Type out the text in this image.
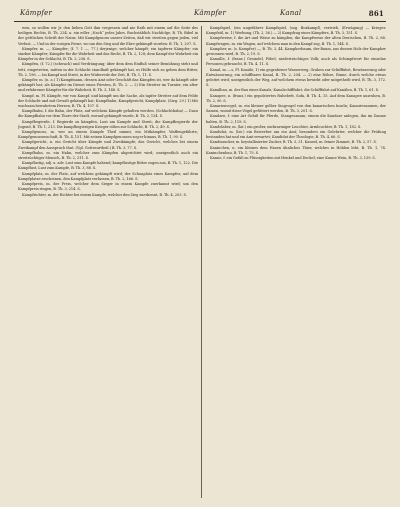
Kämpfer	Kämpfer	Kanal	861

wen, so wollen wir Jr. den lieben Gott ihm vergessen und nie Rath mit einem auf die Seite des heiligen Rechts, B. Th. 234, u. ein edler „Nach“ jedes Jahrs. Buchstäblich Nachfolge, B. Th. Bibel in der göttlichen Schrift der Natur, Mit Kampfgenoss unsrer Zeiten, daß wir streiten gegen jeden, viel Verlust. — Und in der vorigen Ferne, wo um den Sieg und die Ehre gekämpft worden: B. Th. 1, 207. S.

Kämpfer, m. —, Kämpfer; (f. 7. 1 —, 77.) derjenige, welcher kämpft; ein tapferer Kämpfer; ein starker Kämpfer; Kämpfer für die Wahrheit und das Recht, B. Th. 2, 128; dem Kampf der Wahrheit ein Kämpfer in der Schlacht, B. Th. 2, 236. S.

Kämpfen, (f. 72.) (schwach) und Verdrängung; über dem dem Einfluß seiner Bemühung steht und tritt, eingetreten, mitten in der Schlacht standhaft gekämpft hat, es Hülfe sich zu geben dem Ritter, Th. 2, 196. — Im Kampf und Streit, in der Widerrede der Zeit, B. Th. 1, 11. S.

Kämpfer, m. (n. a.) 1) Kampfmann, dessen Amt oder Geschäft das Kämpfen ist, wer da kämpft oder gekämpft hat; als Kämpfer im Dienst eines Fürsten, B. Th. 2. — 2) Ein Streiter im Turnier, ein alter und erfahrener Kämpfer für die Wahrheit, B. Th. 3, 148. S.

Kampf, m. Pl. Kämpfe, wir von Kampf, und kämpft um die Sache, als tapfer Streiter auf dem Felde der Schlacht und mit Gewalt gekämpft hat; Kampfbahn, Kampfgericht, Kampfplatz. (Sieg. 29.) 1) Mit wachsam bewahrtem Herzen, B. Th. 4, 107. S.

Kampfbahn, f. die Bahn, der Platz, auf welchem Kämpfe gehalten werden. (Schlachtbahn) — Dazu die Kampfbahn vor dem Thore der Stadt, worauf gekämpft wurde, B. Th. 2, 134. S.

Kampfbegierde, f. Begierde zu kämpfen, Lust am Kampfe und Streit; die Kampfbegierde der Jugend, B. Th. 1, 213. Die kampfbegierigen Krieger eilten zur Schlacht, B. Th. 2, 49. S.

Kampfgenoss, m. wer an einem Kampfe Theil nimmt, ein Mitkämpfer, Waffengefährte; Kampfgenossenschaft, B. Th. 4, 151. Mit seinen Kampfgenossen zog er hinaus, B. Th. 1, 90. S.

Kampfgericht, n. ein Gericht über Kämpfe und Zweikämpfe; das Gericht, welches bei einem Zweikampf den Ausspruch thut. (Vgl. Gottesurtheil.) B. Th. 3, 77. S.

Kampfhahn, m. ein Hahn, welcher zum Kämpfen abgerichtet wird; uneigentlich auch ein streitsüchtiger Mensch, B. Th. 2, 311. S.

Kampflustig, adj. u. adv. Lust zum Kampfe habend; kampflustige Ritter zogen aus, B. Th. 1, 122. Die Kampflust, Lust zum Kampfe, B. Th. 3, 88. S.

Kampfplatz, m. der Platz, auf welchem gekämpft wird; der Schauplatz eines Kampfes; auf dem Kampfplatze erscheinen, den Kampfplatz verlassen, B. Th. 2, 166. S.

Kampfpreis, m. der Preis, welcher dem Sieger in einem Kampfe zuerkannt wird; um den Kampfpreis ringen, B. Th. 3, 214. S.

Kampfrichter, m. der Richter bei einem Kampfe, welcher den Sieg zuerkennt, B. Th. 4, 203. S.

Kampfspiel, (ein ungefährer Kampfspiel, (sog. Boxkampf), vertrieb, (Erwägung) — Krieger. Kampfstil, m. 1) Werbung, (Th. 2, 36.) — 2) Kampfzug eines Kämpfers, B. Th. 3, 151. S.

Kampfweise, f. die Art und Weise zu kämpfen; die Kampfweise der alten Deutschen, B. Th. 2, 88. Kampfwagen, m. ein Wagen, auf welchem man in den Kampf zog, B. Th. 1, 144. S.

Kampher, m. (s. Kampfer) —, B. Th. 3, 44. Kampherbaum, der Baum, aus dessen Holz der Kampher gewonnen wird, B. Th. 2, 19. S.

Kanaille, f. (franz.) Gesindel, Pöbel, niederträchtiges Volk; auch als Schimpfwort für einzelne Personen gebraucht, B. Th. 4, 11. S.

Kanal, m. —s, Pl. Kanäle, 1) ein gegrabener Wasserweg, Graben zur Schifffahrt, Bewässerung oder Entwässerung; ein schiffbarer Kanal, B. Th. 2, 204. — 2) eine Röhre, Rinne, durch welche etwas geleitet wird; uneigentlich der Weg, auf welchem etwas bewirkt oder mitgetheilt wird, B. Th. 3, 172. S.

Kanalbau, m. der Bau eines Kanals; Kanalschifffahrt, die Schifffahrt auf Kanälen, B. Th. 1, 61. S.

Kanapee, n. (franz.) ein gepolstertes Ruhebett, Sofa, B. Th. 4, 15. Auf dem Kanapee ausruhen, B. Th. 2, 90. S.

Kanarienvogel, m. ein kleiner gelber Singvogel von den kanarischen Inseln; Kanariensamen, der Samen, womit diese Vögel gefüttert werden, B. Th. 3, 201. S.

Kandare, f. eine Art Gebiß für Pferde, Stangenzaum; einem die Kandare anlegen, ihn im Zaume halten, B. Th. 2, 118. S.

Kandelaber, m. (lat.) ein großer, mehrarmiger Leuchter, Armleuchter, B. Th. 1, 182. S.

Kandidat, m. (lat.) ein Bewerber um ein Amt; besonders ein Gelehrter, welcher die Prüfung bestanden hat und ein Amt erwartet; Kandidat der Theologie, B. Th. 4, 66. S.

Kandiszucker, m. krystallisierter Zucker, B. Th. 3, 31. Kaneel, m. feiner Zimmet, B. Th. 2, 57. S.

Kaninchen, n. ein kleines dem Hasen ähnliches Thier, welches in Höhlen lebt, B. Th. 1, 74. Kaninchenbau, B. Th. 1, 75. S.

Kanne, f. ein Gefäß zu Flüssigkeiten mit Henkel und Deckel; eine Kanne Wein, B. Th. 3, 139. S.
